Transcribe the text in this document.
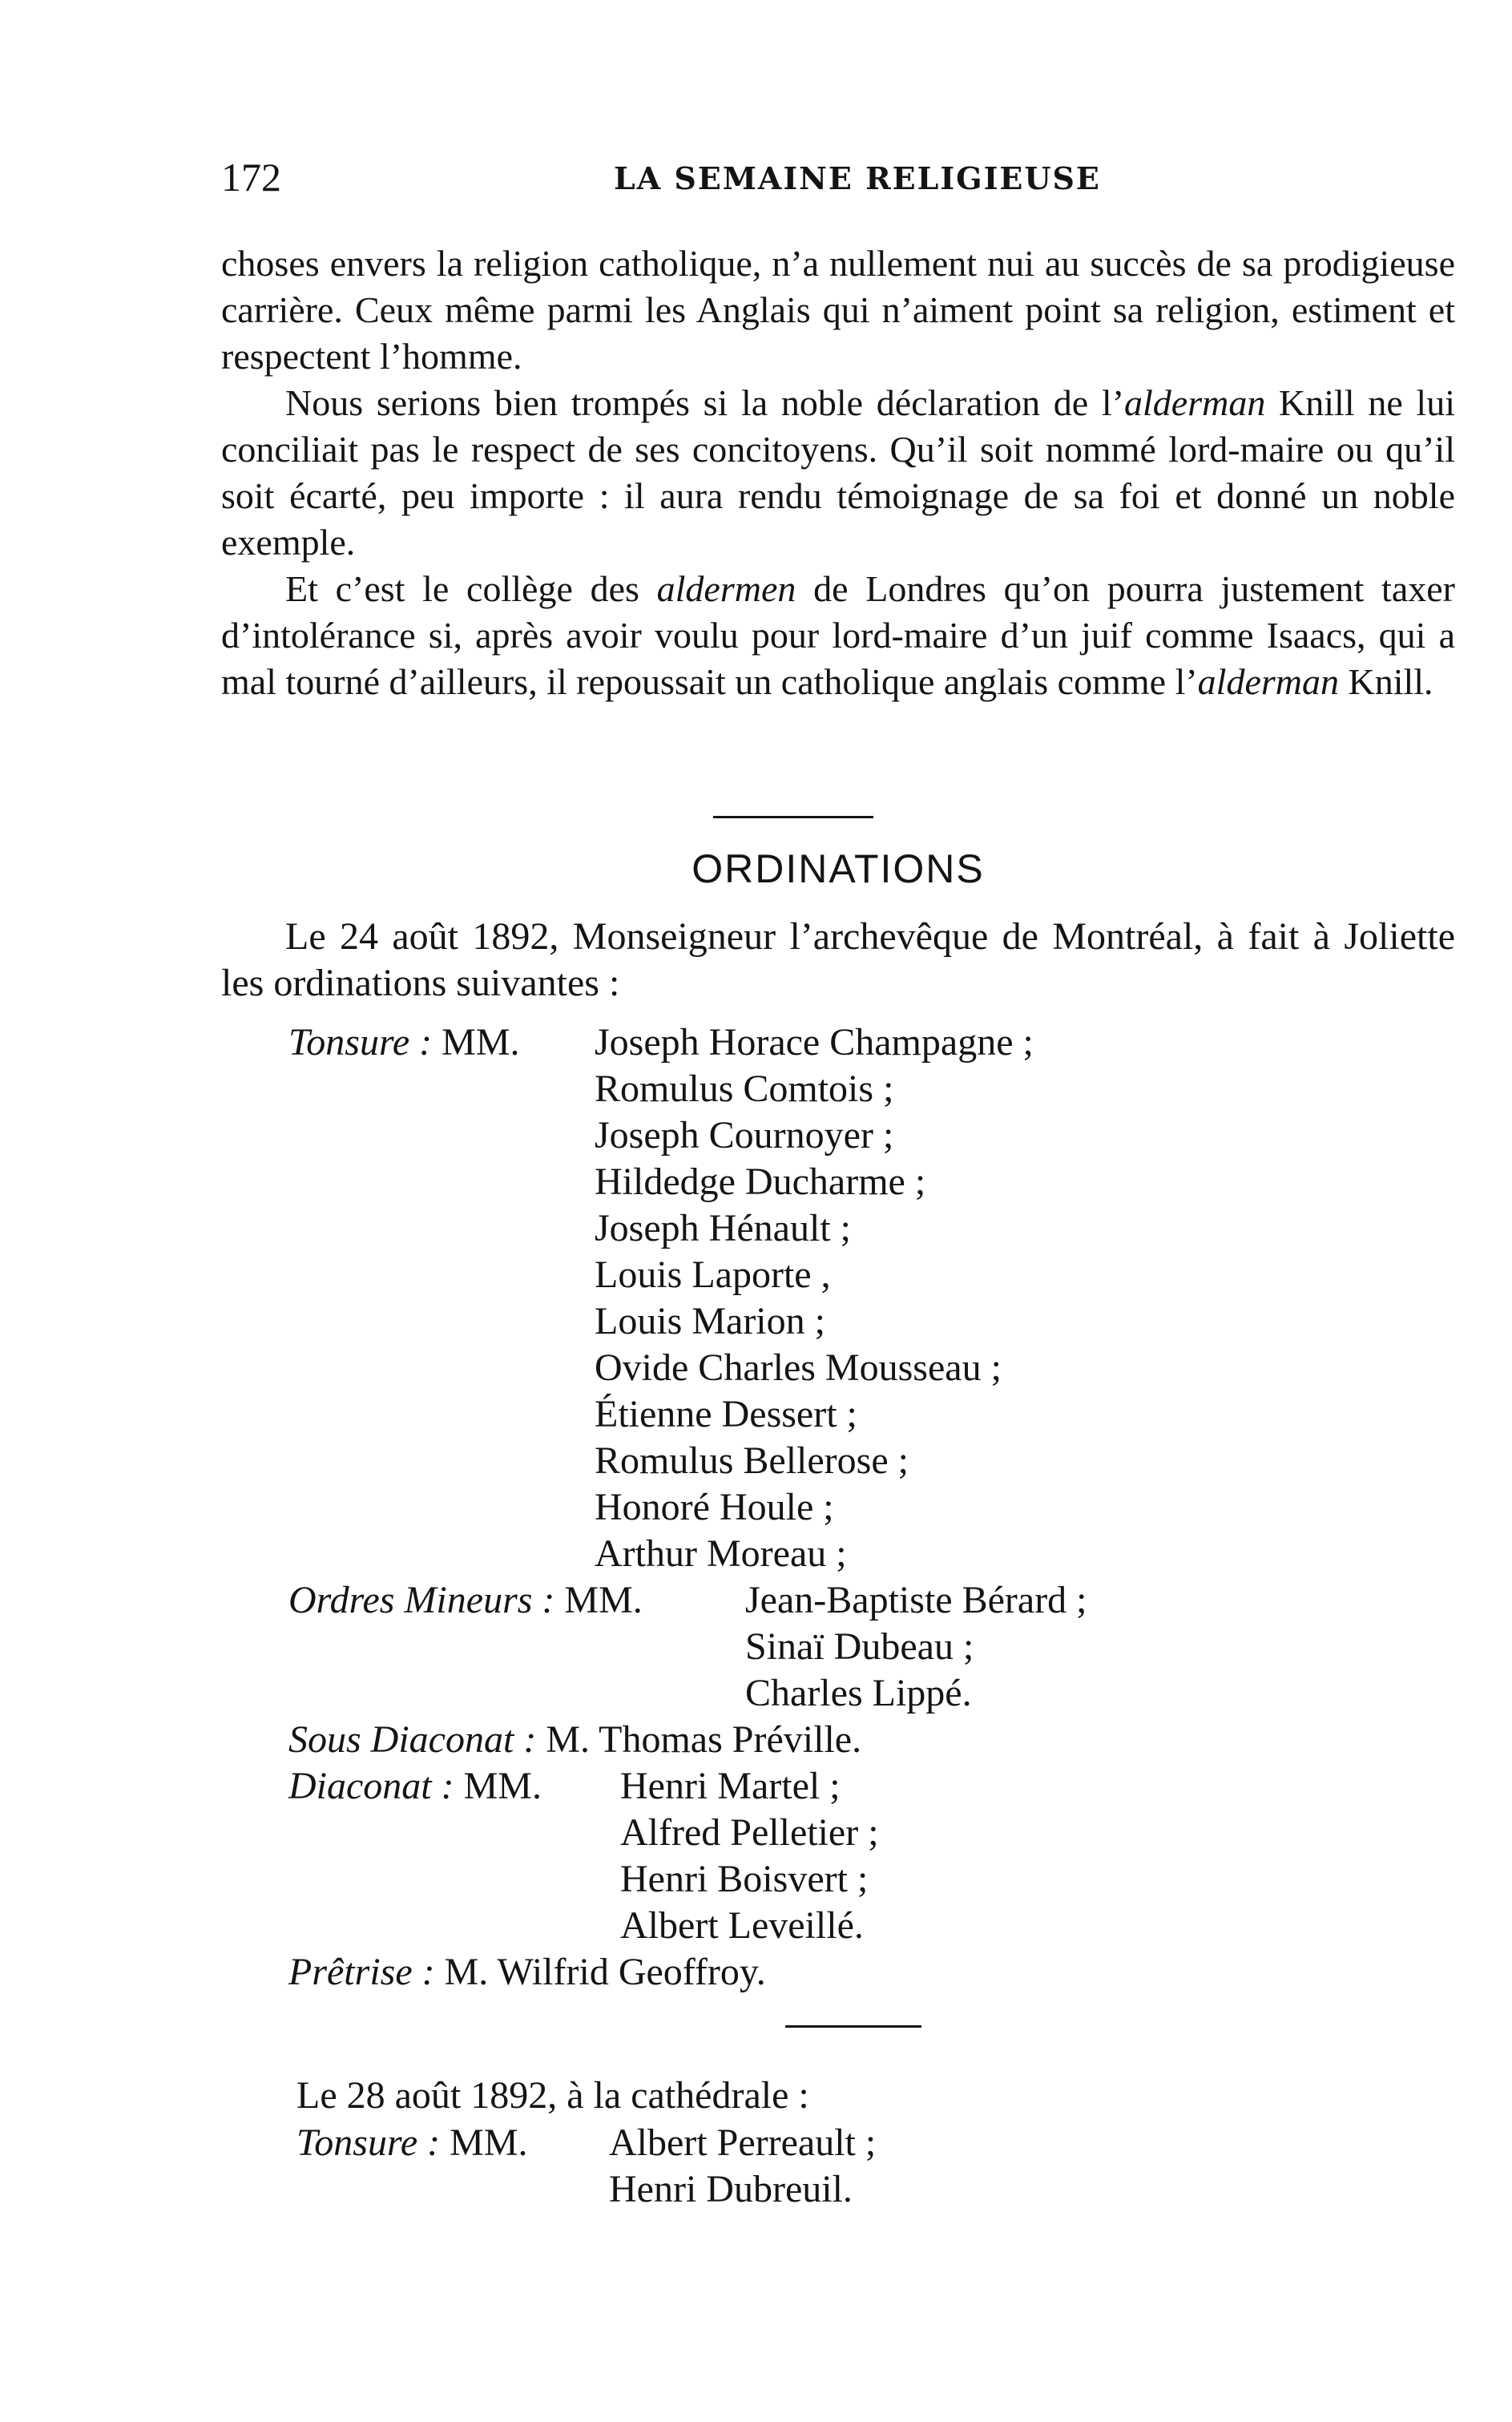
172	LA SEMAINE RELIGIEUSE

choses envers la religion catholique, n’a nullement nui au succès de sa prodigieuse carrière. Ceux même parmi les Anglais qui n’aiment point sa religion, estiment et respectent l’homme.

Nous serions bien trompés si la noble déclaration de l’alderman Knill ne lui conciliait pas le respect de ses concitoyens. Qu’il soit nommé lord-maire ou qu’il soit écarté, peu importe : il aura rendu témoignage de sa foi et donné un noble exemple.

Et c’est le collège des aldermen de Londres qu’on pourra justement taxer d’intolérance si, après avoir voulu pour lord-maire d’un juif comme Isaacs, qui a mal tourné d’ailleurs, il repoussait un catholique anglais comme l’alderman Knill.

ORDINATIONS

Le 24 août 1892, Monseigneur l’archevêque de Montréal, à fait à Joliette les ordinations suivantes :

Tonsure : MM. Joseph Horace Champagne ;
Romulus Comtois ;
Joseph Cournoyer ;
Hildedge Ducharme ;
Joseph Hénault ;
Louis Laporte ,
Louis Marion ;
Ovide Charles Mousseau ;
Étienne Dessert ;
Romulus Bellerose ;
Honoré Houle ;
Arthur Moreau ;
Ordres Mineurs : MM.	Jean-Baptiste Bérard ;
Sinaï Dubeau ;
Charles Lippé.
Sous Diaconat : M. Thomas Préville.
Diaconat : MM. Henri Martel ;
Alfred Pelletier ;
Henri Boisvert ;
Albert Leveillé.
Prêtrise : M. Wilfrid Geoffroy.
Le 28 août 1892, à la cathédrale :
Tonsure : MM. Albert Perreault ;
Henri Dubreuil.
